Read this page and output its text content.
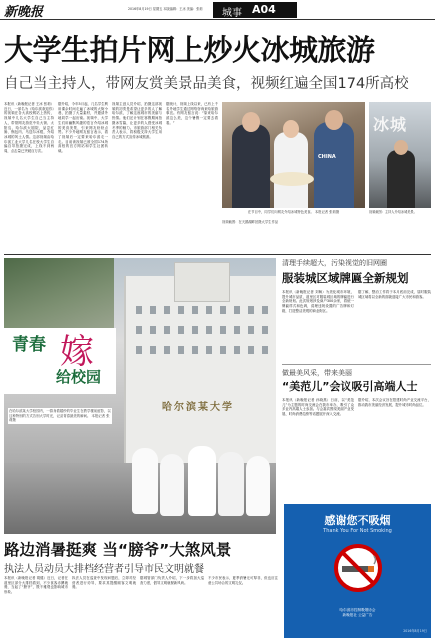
新晚报	2016年8月19日 星期五 本版编辑：王冰 美编：张莉	城事 A04
大学生拍片网上炒火冰城旅游
自己当主持人，带网友赏美景品美食，视频红遍全国174所高校
本报讯（新晚报记者 王冰 张莉）近日，一部名为《哈尔滨欢迎你》的视频在各大高校网站上热传，视频中几名大学生自己当主持人，带领网友游览中央大街、太阳岛、哈尔滨大剧院，品尝红肠、锅包肉、马迭尔冰棍，介绍冰城的风土人情。这部视频由哈尔滨工业大学几名在校大学生自编自导拍摄完成，上线不到两周，点击量已突破百万次。
据介绍，今年5月起，几名学生利用课余时间走遍了冰城的大街小巷，拍摄了大量素材，并邀请外地同学一起出镜。视频中，大学生们用幽默风趣的语言介绍冰城的美食美景，引来网友纷纷点赞。不少外地网友留言表示，看了视频后一定要来哈尔滨走一走。目前该视频已被全国174所高校的官方网站和学生社团转载。
视频主创人员介绍，拍摄这部视频的初衷是希望让更多的人了解哈尔滨，了解这座城市的美丽与热情。他们还计划在寒假期间拍摄冰雪篇，让更多的人感受冰城冬季的魅力。市旅游部门相关负责人表示，将积极支持大学生用自己的方式宣传冰城旅游。
据统计，视频上线以来，已有上千名外地学生通过网络咨询来哈旅游事宜。有网友留言说：“原来哈尔滨这么美，这个暑假一定要去看看。”
CHINA
在节目中，同学们向网友介绍冰城特色美食。 本报记者 张莉摄
冰城
视频截图：主持人介绍冰城美景。
视频截图：在天鹅湖畔拍摄大学生作品
哈尔滨某大学
青春 嫁
给校园
在哈尔滨某大学校园内，一群身着婚纱的毕业生在教学楼前留影，以这种特别的方式告别大学时光，记录青春最美的瞬间。 本报记者 张莉摄
清理手续超大，污染视觉的旧网圈
服装城区域牌匾全新规划
本报讯（新晚报记者 刘畅）为美化城市环境，提升城市品质，道里区对服装城区域的牌匾进行全新规划。此次规划涉及商户300余家，将统一牌匾样式和色调，清理违规设置的广告牌和灯箱，打造整洁美观的商业街区。
据了解，整治工作将于本月底前完成，届时服装城区域将以全新的面貌迎接广大市民和游客。
做最美风采，带来美丽
“美范儿”会议吸引高端人士
本报讯（新晚报记者 孙晓燕）日前，以“美范儿”为主题的时尚交流会在我市举办，吸引了众多业内高端人士参加。与会嘉宾围绕美丽产业发展、时尚消费趋势等话题展开深入交流。
据介绍，本次会议旨在搭建时尚产业交流平台，推动我市美丽经济发展，提升城市时尚品位。
路边消暑挺爽 当“膀爷”大煞风景
执法人员动员大排档经营者引导市民文明就餐
本报讯（新晚报记者 胡健）近日，记者在道里区部分大排档看到，不少食客赤膊就餐，当起了“膀爷”，既不雅观也影响城市形象。
执法人员在巡查中发现问题后，立即对经营者进行劝导，要求其提醒顾客文明就餐。
据城管部门负责人介绍，下一步将加大巡查力度，倡导文明就餐新风尚。
不少市民表示，夏季消暑无可厚非，但也应注意公共场合的文明礼仪。
感谢您不吸烟
Thank You For Not Smoking
哈尔滨市控制吸烟协会
新晚报社 公益广告
2016年8月19日
